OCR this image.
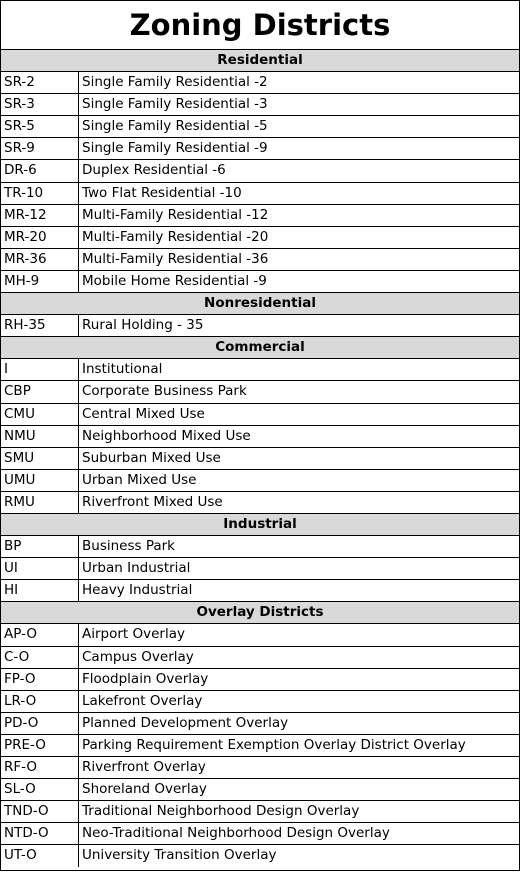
Zoning Districts
Residential
SR-2	Single Family Residential -2
SR-3	Single Family Residential -3
SR-5	Single Family Residential -5
SR-9	Single Family Residential -9
DR-6	Duplex Residential -6
TR-10	Two Flat Residential -10
MR-12	Multi-Family Residential -12
MR-20	Multi-Family Residential -20
MR-36	Multi-Family Residential -36
MH-9	Mobile Home Residential -9
Nonresidential
RH-35	Rural Holding - 35
Commercial
I	Institutional
CBP	Corporate Business Park
CMU	Central Mixed Use
NMU	Neighborhood Mixed Use
SMU	Suburban Mixed Use
UMU	Urban Mixed Use
RMU	Riverfront Mixed Use
Industrial
BP	Business Park
UI	Urban Industrial
HI	Heavy Industrial
Overlay Districts
AP-O	Airport Overlay
C-O	Campus Overlay
FP-O	Floodplain Overlay
LR-O	Lakefront Overlay
PD-O	Planned Development Overlay
PRE-O	Parking Requirement Exemption Overlay District Overlay
RF-O	Riverfront Overlay
SL-O	Shoreland Overlay
TND-O	Traditional Neighborhood Design Overlay
NTD-O	Neo-Traditional Neighborhood Design Overlay
UT-O	University Transition Overlay
